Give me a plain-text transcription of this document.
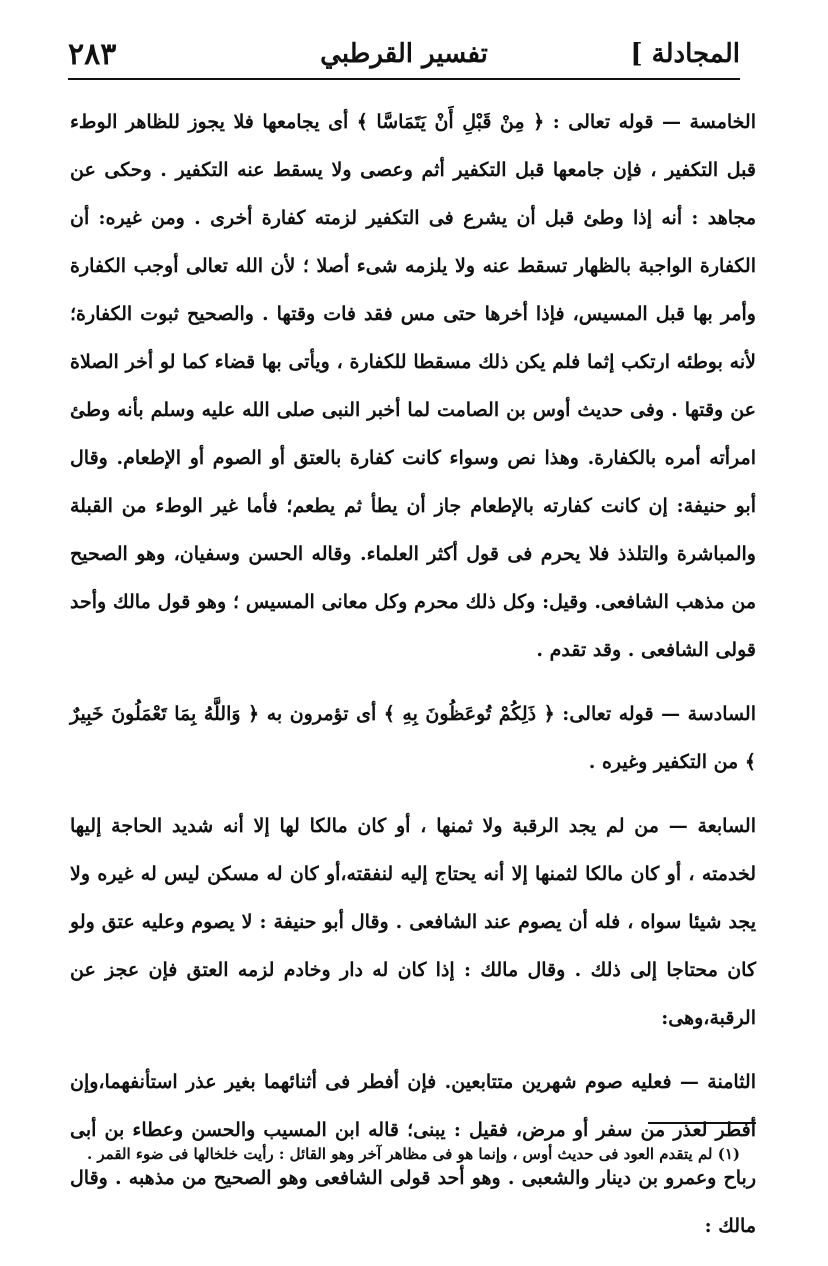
المجادلة ]
تفسير القرطبي
٢٨٣

الخامسة — قوله تعالى : ﴿ مِنْ قَبْلِ أَنْ يَتَمَاسَّا ﴾ أى يجامعها فلا يجوز للظاهر الوطء قبل التكفير ، فإن جامعها قبل التكفير أثم وعصى ولا يسقط عنه التكفير . وحكى عن مجاهد : أنه إذا وطئ قبل أن يشرع فى التكفير لزمته كفارة أخرى . ومن غيره: أن الكفارة الواجبة بالظهار تسقط عنه ولا يلزمه شىء أصلا ؛ لأن الله تعالى أوجب الكفارة وأمر بها قبل المسيس، فإذا أخرها حتى مس فقد فات وقتها . والصحيح ثبوت الكفارة؛لأنه بوطئه ارتكب إثما فلم يكن ذلك مسقطا للكفارة ، ويأتى بها قضاء كما لو أخر الصلاة عن وقتها . وفى حديث أوس بن الصامت لما أخبر النبى صلى الله عليه وسلم بأنه وطئ امرأته أمره بالكفارة. وهذا نص وسواء كانت كفارة بالعتق أو الصوم أو الإطعام. وقال أبو حنيفة: إن كانت كفارته بالإطعام جاز أن يطأ ثم يطعم؛ فأما غير الوطء من القبلة والمباشرة والتلذذ فلا يحرم فى قول أكثر العلماء. وقاله الحسن وسفيان، وهو الصحيح من مذهب الشافعى. وقيل: وكل ذلك محرم وكل معانى المسيس ؛ وهو قول مالك وأحد قولى الشافعى . وقد تقدم .

السادسة — قوله تعالى: ﴿ ذَلِكُمْ تُوعَظُونَ بِهِ ﴾ أى تؤمرون به ﴿ وَاللَّهُ بِمَا تَعْمَلُونَ خَبِيرٌ ﴾ من التكفير وغيره .

السابعة — من لم يجد الرقبة ولا ثمنها ، أو كان مالكا لها إلا أنه شديد الحاجة إليها لخدمته ، أو كان مالكا لثمنها إلا أنه يحتاج إليه لنفقته،أو كان له مسكن ليس له غيره ولا يجد شيئا سواه ، فله أن يصوم عند الشافعى . وقال أبو حنيفة : لا يصوم وعليه عتق ولو كان محتاجا إلى ذلك . وقال مالك : إذا كان له دار وخادم لزمه العتق فإن عجز عن الرقبة،وهى:

الثامنة — فعليه صوم شهرين متتابعين. فإن أفطر فى أثنائهما بغير عذر استأنفهما،وإن أفطر لعذر من سفر أو مرض، فقيل : يبنى؛ قاله ابن المسيب والحسن وعطاء بن أبى رباح وعمرو بن دينار والشعبى . وهو أحد قولى الشافعى وهو الصحيح من مذهبه . وقال مالك :

(١) لم يتقدم العود فى حديث أوس ، وإنما هو فى مظاهر آخر وهو القائل : رأيت خلخالها فى ضوء القمر .
